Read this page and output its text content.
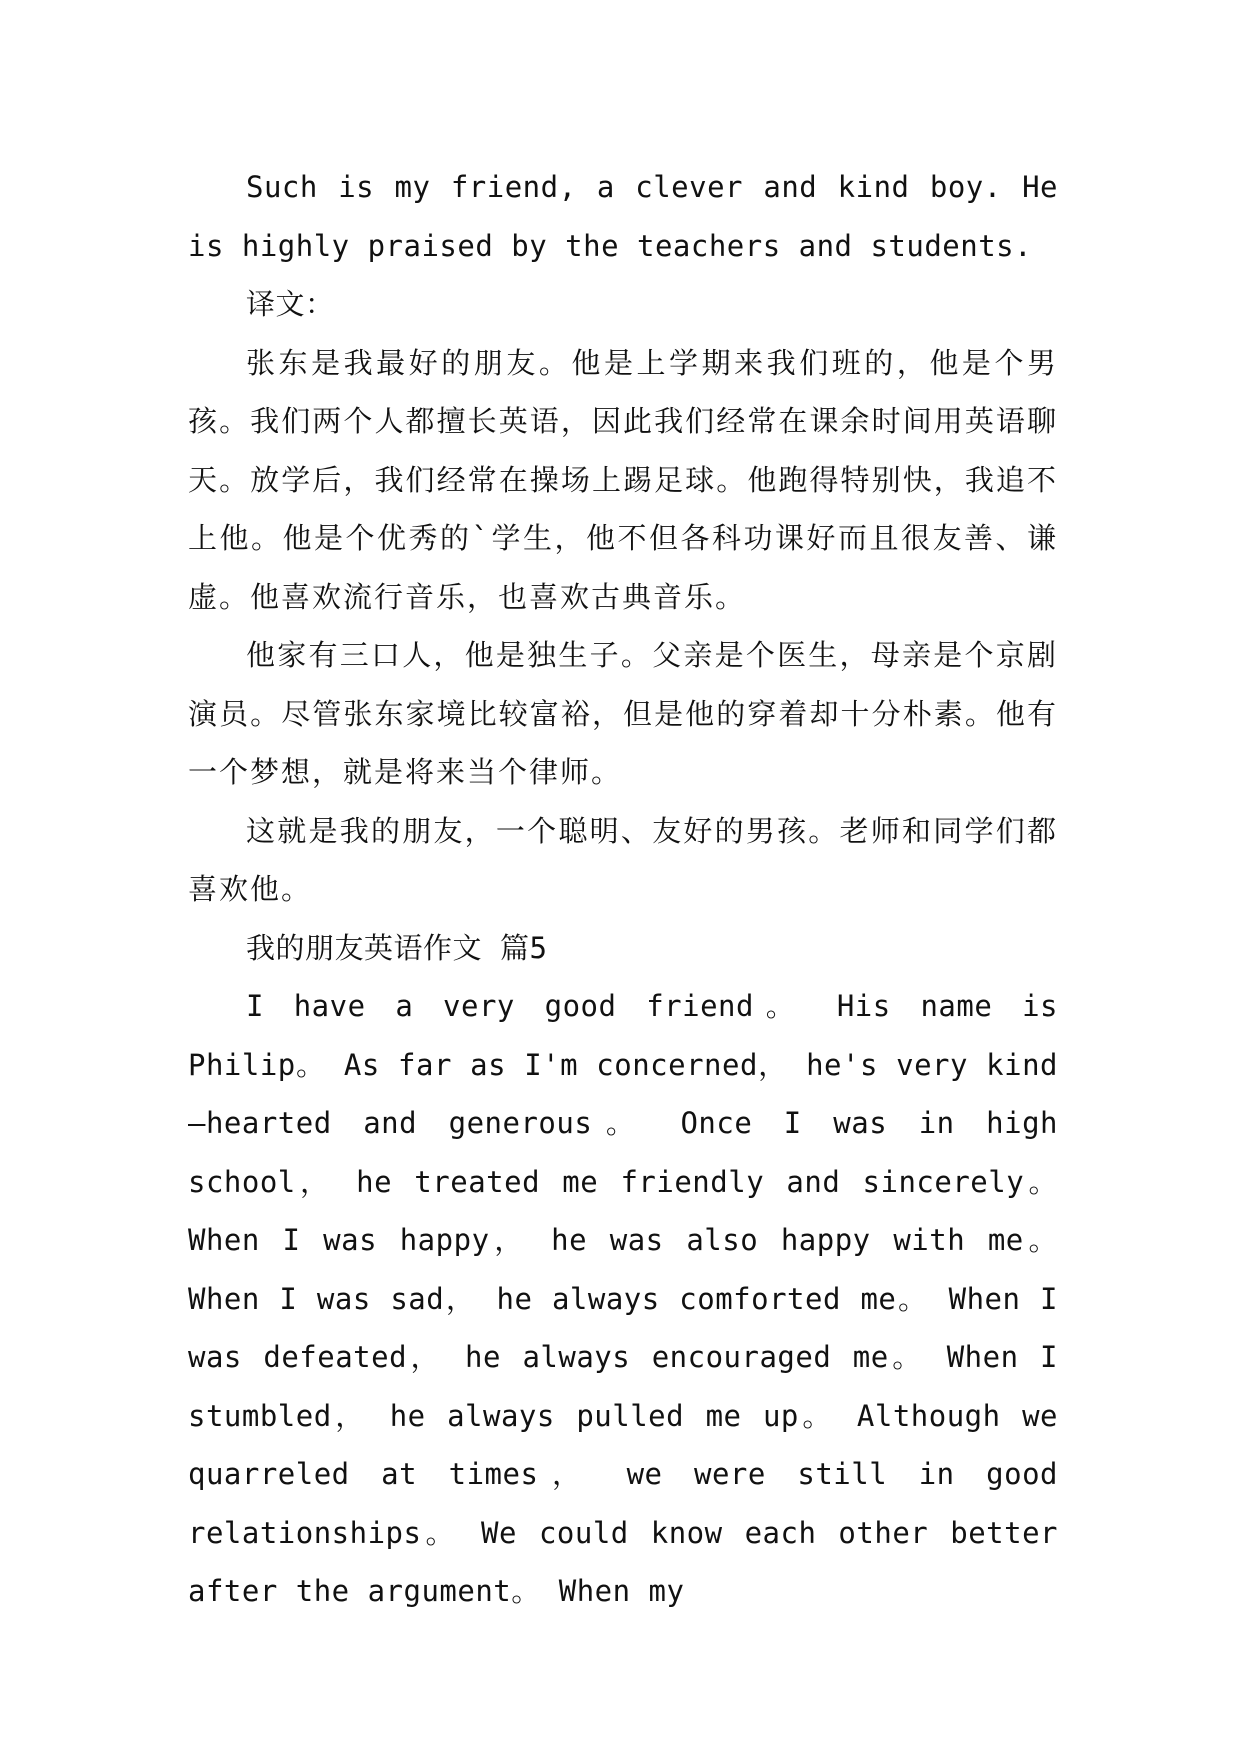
Such is my friend, a clever and kind boy. He is highly praised by the teachers and students.

译文：

张东是我最好的朋友。他是上学期来我们班的，他是个男孩。我们两个人都擅长英语，因此我们经常在课余时间用英语聊天。放学后，我们经常在操场上踢足球。他跑得特别快，我追不上他。他是个优秀的`学生，他不但各科功课好而且很友善、谦虚。他喜欢流行音乐，也喜欢古典音乐。

他家有三口人，他是独生子。父亲是个医生，母亲是个京剧演员。尽管张东家境比较富裕，但是他的穿着却十分朴素。他有一个梦想，就是将来当个律师。

这就是我的朋友，一个聪明、友好的男孩。老师和同学们都喜欢他。

我的朋友英语作文 篇5

I have a very good friend。 His name is Philip。 As far as I'm concerned， he's very kind—hearted and generous。 Once I was in high school， he treated me friendly and sincerely。When I was happy， he was also happy with me。 When I was sad， he always comforted me。 When I was defeated， he always encouraged me。 When I stumbled， he always pulled me up。 Although we quarreled at times， we were still in good relationships。 We could know each other better after the argument。 When my
